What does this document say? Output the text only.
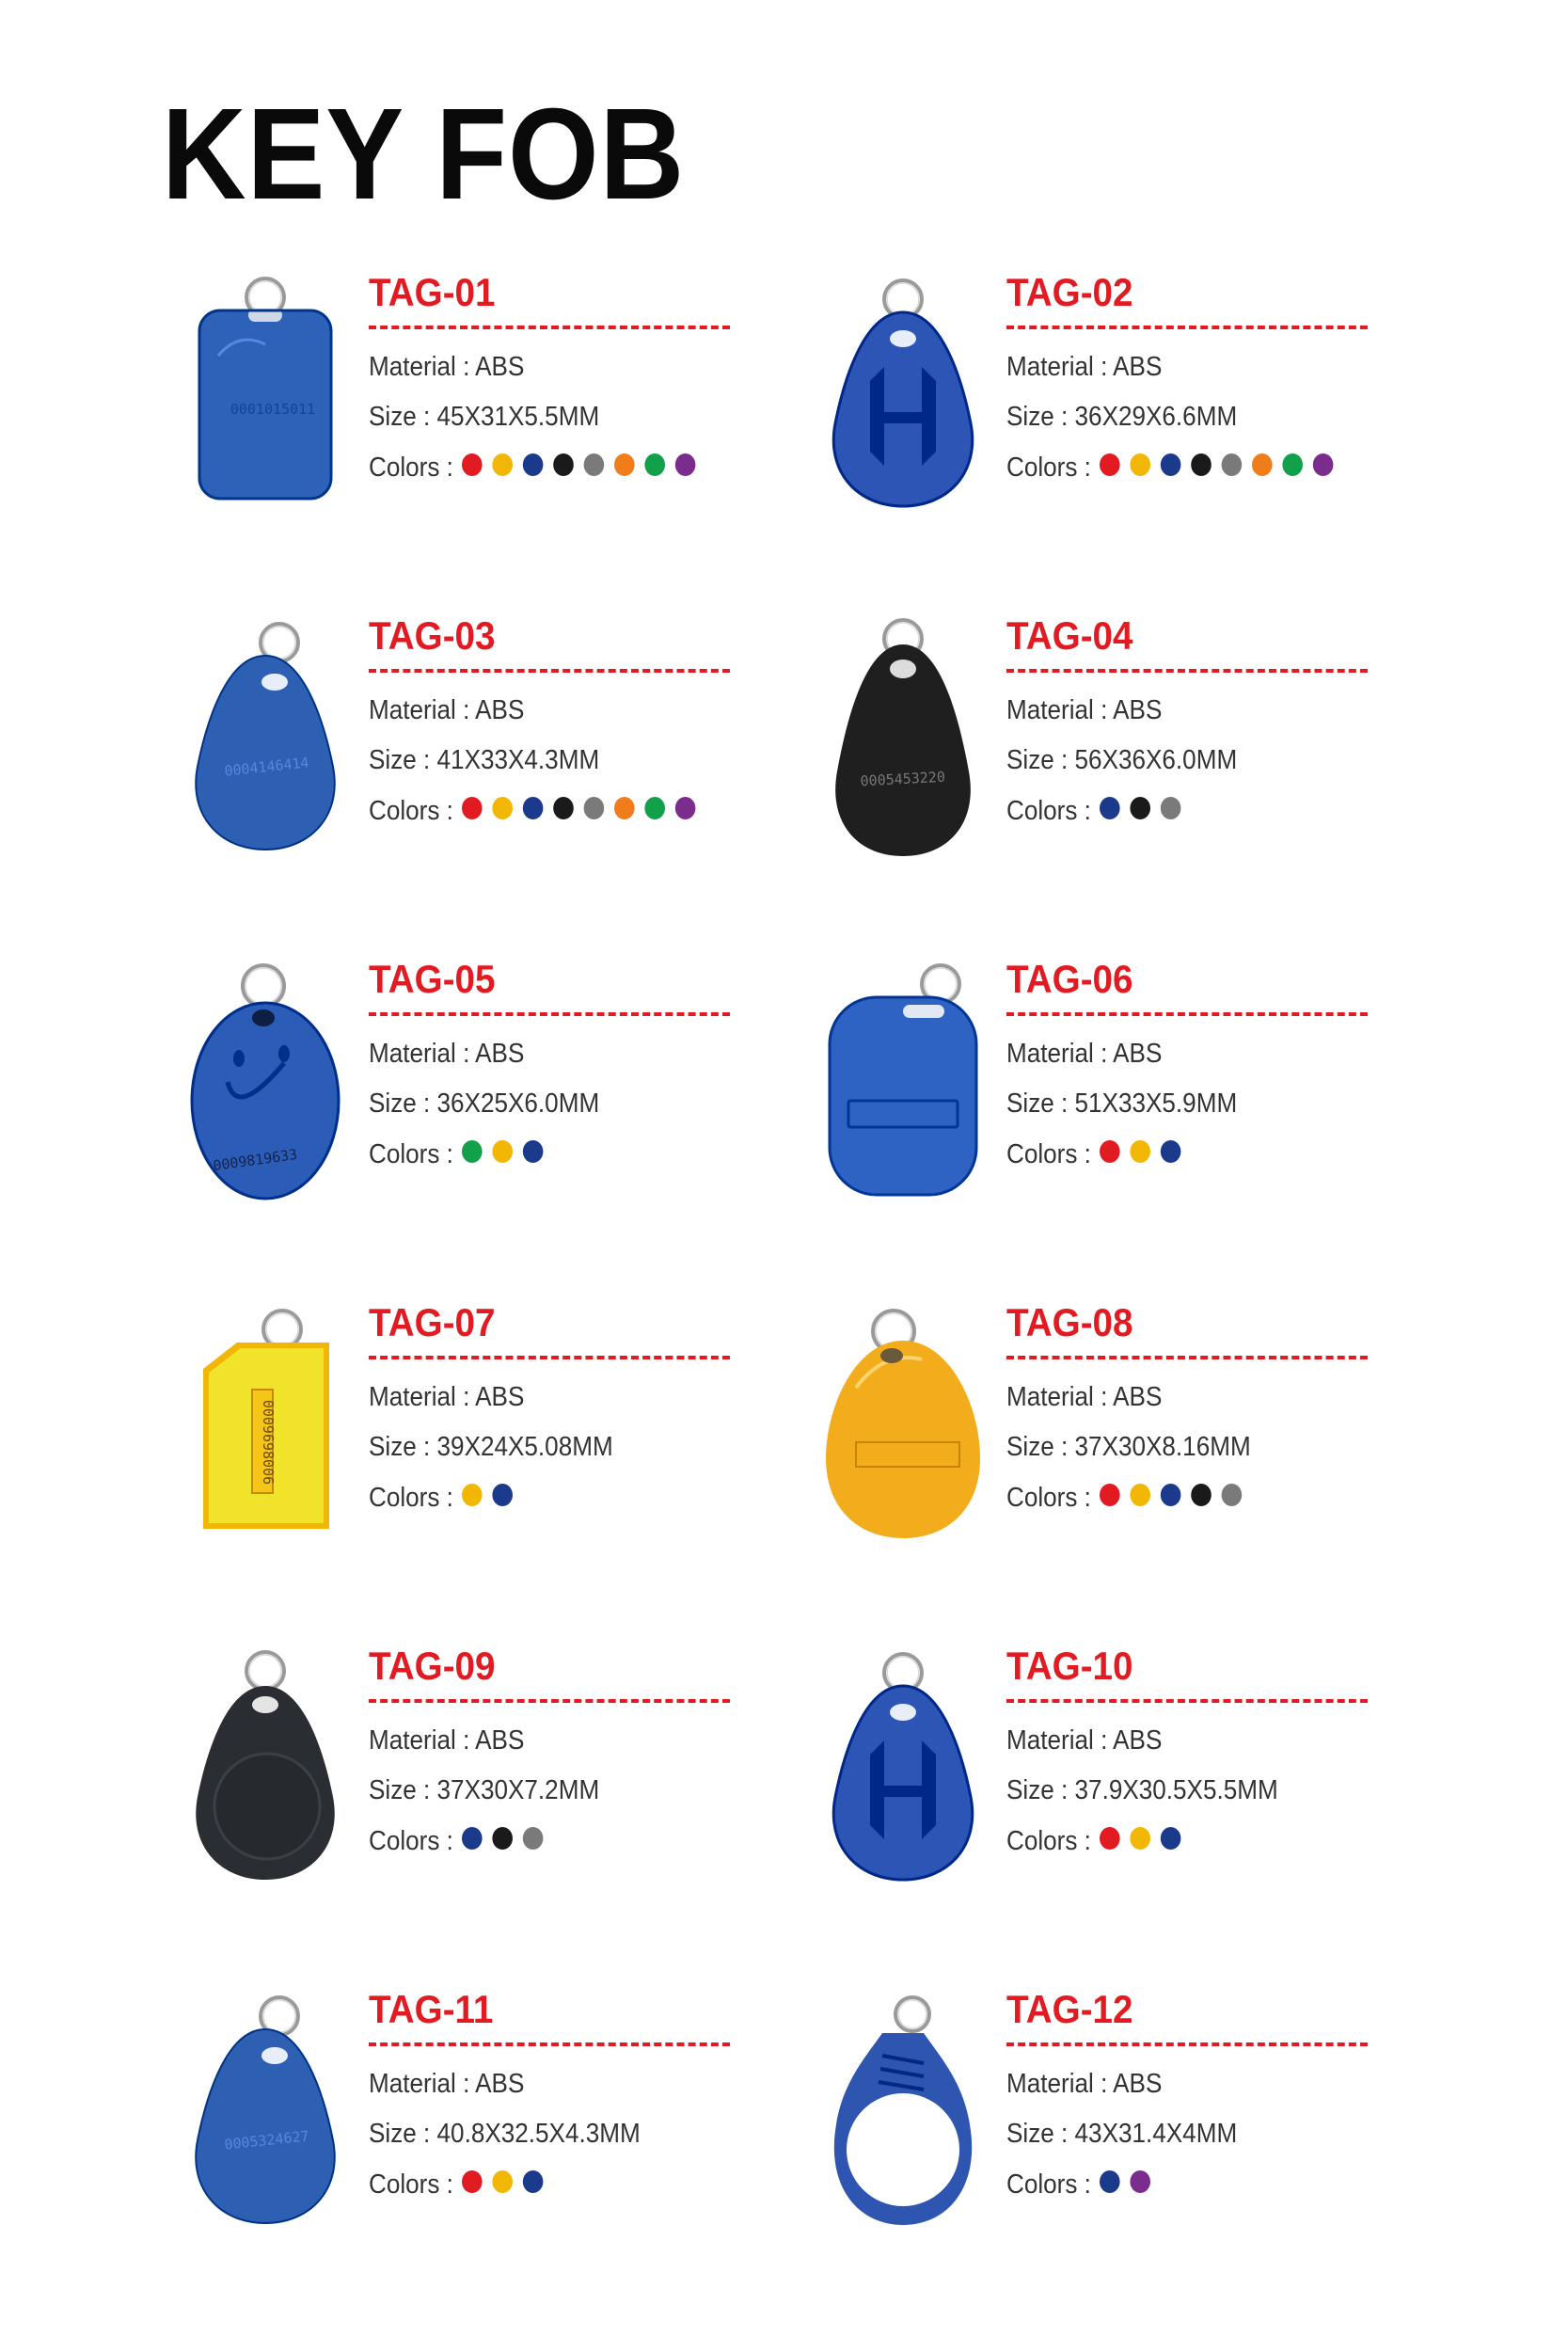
KEY FOB
0001015011
TAG-01
Material : ABS
Size : 45X31X5.5MM
Colors :
TAG-02
Material : ABS
Size : 36X29X6.6MM
Colors :
0004146414
TAG-03
Material : ABS
Size : 41X33X4.3MM
Colors :
0005453220
TAG-04
Material : ABS
Size : 56X36X6.0MM
Colors :
0009819633
TAG-05
Material : ABS
Size : 36X25X6.0MM
Colors :
TAG-06
Material : ABS
Size : 51X33X5.9MM
Colors :
0009698006
TAG-07
Material : ABS
Size : 39X24X5.08MM
Colors :
TAG-08
Material : ABS
Size : 37X30X8.16MM
Colors :
TAG-09
Material : ABS
Size : 37X30X7.2MM
Colors :
TAG-10
Material : ABS
Size : 37.9X30.5X5.5MM
Colors :
0005324627
TAG-11
Material : ABS
Size : 40.8X32.5X4.3MM
Colors :
TAG-12
Material : ABS
Size : 43X31.4X4MM
Colors :
